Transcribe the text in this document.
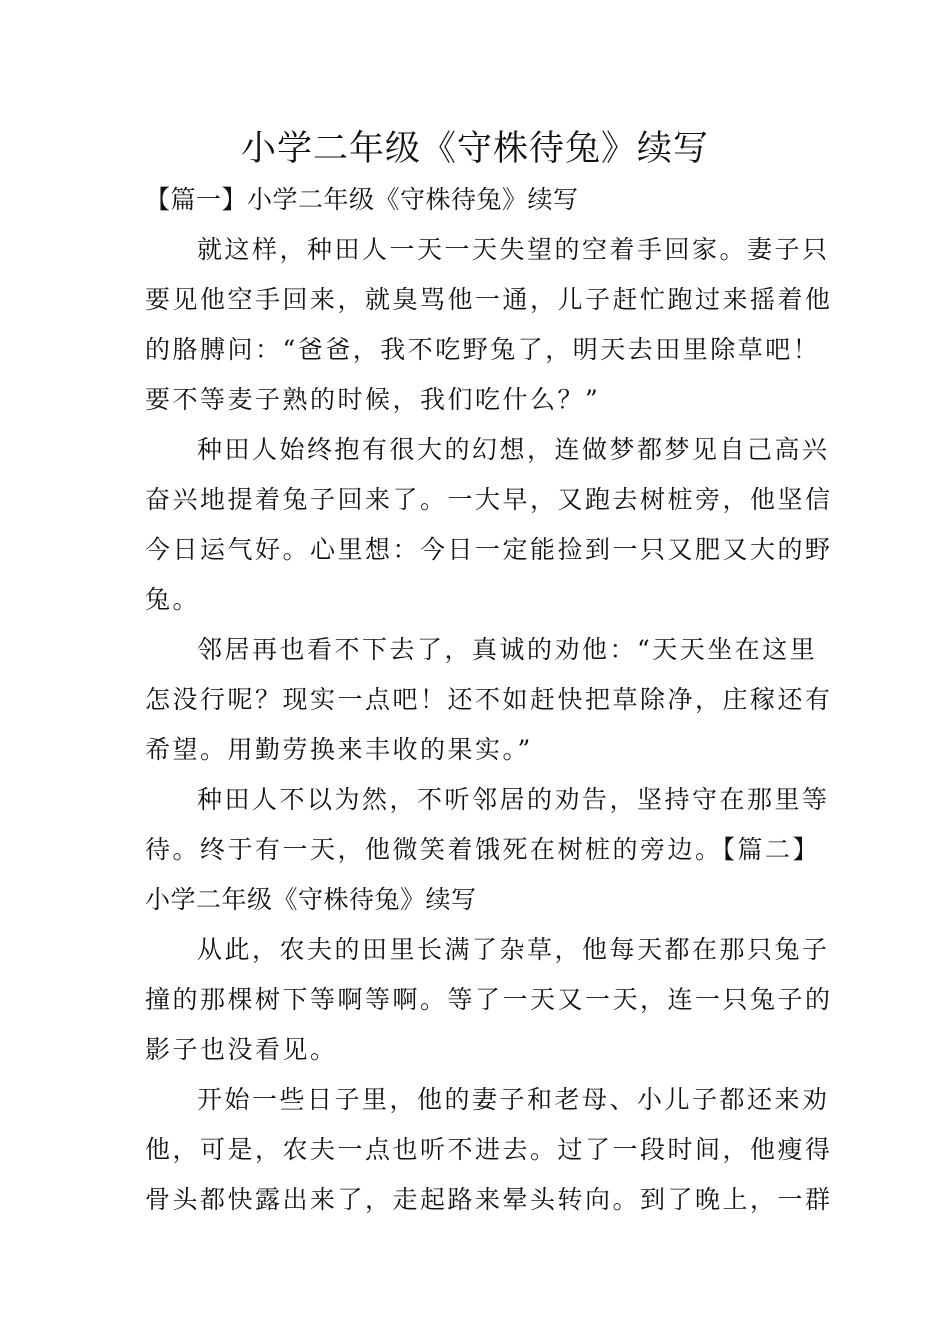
小学二年级《守株待兔》续写
【篇一】小学二年级《守株待兔》续写
就这样，种田人一天一天失望的空着手回家。妻子只
要见他空手回来，就臭骂他一通，儿子赶忙跑过来摇着他
的胳膊问：“爸爸，我不吃野兔了，明天去田里除草吧！
要不等麦子熟的时候，我们吃什么？”
种田人始终抱有很大的幻想，连做梦都梦见自己高兴
奋兴地提着兔子回来了。一大早，又跑去树桩旁，他坚信
今日运气好。心里想：今日一定能捡到一只又肥又大的野
兔。
邻居再也看不下去了，真诚的劝他：“天天坐在这里
怎没行呢？现实一点吧！还不如赶快把草除净，庄稼还有
希望。用勤劳换来丰收的果实。”
种田人不以为然，不听邻居的劝告，坚持守在那里等
待。终于有一天，他微笑着饿死在树桩的旁边。【篇二】
小学二年级《守株待兔》续写
从此，农夫的田里长满了杂草，他每天都在那只兔子
撞的那棵树下等啊等啊。等了一天又一天，连一只兔子的
影子也没看见。
开始一些日子里，他的妻子和老母、小儿子都还来劝
他，可是，农夫一点也听不进去。过了一段时间，他瘦得
骨头都快露出来了，走起路来晕头转向。到了晚上，一群
